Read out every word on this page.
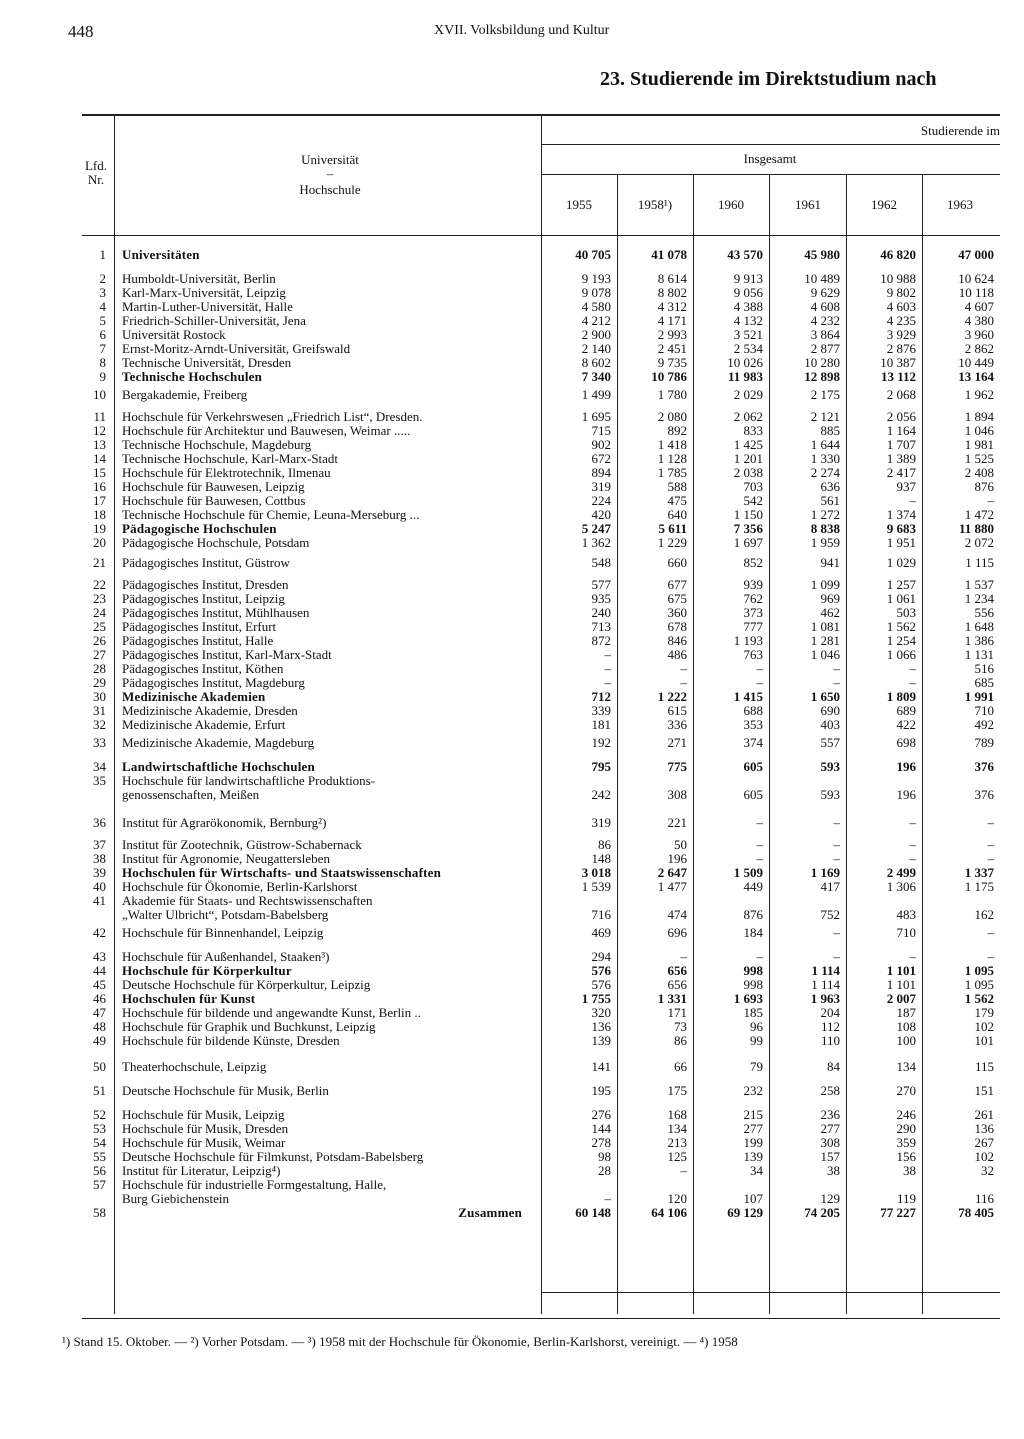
448	XVII. Volksbildung und Kultur
23. Studierende im Direktstudium nach
Lfd.
Nr.
Universität
–
Hochschule
Studierende im
Insgesamt
1955	1958¹)	1960	1961	1962	1963
1 Universitäten	40 705	41 078	43 570	45 980	46 820	47 000
2 Humboldt-Universität, Berlin	9 193	8 614	9 913	10 489	10 988	10 624
3 Karl-Marx-Universität, Leipzig	9 078	8 802	9 056	9 629	9 802	10 118
4 Martin-Luther-Universität, Halle	4 580	4 312	4 388	4 608	4 603	4 607
5 Friedrich-Schiller-Universität, Jena	4 212	4 171	4 132	4 232	4 235	4 380
6 Universität Rostock	2 900	2 993	3 521	3 864	3 929	3 960
7 Ernst-Moritz-Arndt-Universität, Greifswald	2 140	2 451	2 534	2 877	2 876	2 862
8 Technische Universität, Dresden	8 602	9 735	10 026	10 280	10 387	10 449
9 Technische Hochschulen	7 340	10 786	11 983	12 898	13 112	13 164
10 Bergakademie, Freiberg	1 499	1 780	2 029	2 175	2 068	1 962
11 Hochschule für Verkehrswesen „Friedrich List“, Dresden.	1 695	2 080	2 062	2 121	2 056	1 894
12 Hochschule für Architektur und Bauwesen, Weimar .....	715	892	833	885	1 164	1 046
13 Technische Hochschule, Magdeburg	902	1 418	1 425	1 644	1 707	1 981
14 Technische Hochschule, Karl-Marx-Stadt	672	1 128	1 201	1 330	1 389	1 525
15 Hochschule für Elektrotechnik, Ilmenau	894	1 785	2 038	2 274	2 417	2 408
16 Hochschule für Bauwesen, Leipzig	319	588	703	636	937	876
17 Hochschule für Bauwesen, Cottbus	224	475	542	561	–	–
18 Technische Hochschule für Chemie, Leuna-Merseburg ...	420	640	1 150	1 272	1 374	1 472
19 Pädagogische Hochschulen	5 247	5 611	7 356	8 838	9 683	11 880
20 Pädagogische Hochschule, Potsdam	1 362	1 229	1 697	1 959	1 951	2 072
21 Pädagogisches Institut, Güstrow	548	660	852	941	1 029	1 115
22 Pädagogisches Institut, Dresden	577	677	939	1 099	1 257	1 537
23 Pädagogisches Institut, Leipzig	935	675	762	969	1 061	1 234
24 Pädagogisches Institut, Mühlhausen	240	360	373	462	503	556
25 Pädagogisches Institut, Erfurt	713	678	777	1 081	1 562	1 648
26 Pädagogisches Institut, Halle	872	846	1 193	1 281	1 254	1 386
27 Pädagogisches Institut, Karl-Marx-Stadt	–	486	763	1 046	1 066	1 131
28 Pädagogisches Institut, Köthen	–	–	–	–	–	516
29 Pädagogisches Institut, Magdeburg	–	–	–	–	–	685
30 Medizinische Akademien	712	1 222	1 415	1 650	1 809	1 991
31 Medizinische Akademie, Dresden	339	615	688	690	689	710
32 Medizinische Akademie, Erfurt	181	336	353	403	422	492
33 Medizinische Akademie, Magdeburg	192	271	374	557	698	789
34 Landwirtschaftliche Hochschulen	795	775	605	593	196	376
35 Hochschule für landwirtschaftliche Produktions-
genossenschaften, Meißen	242	308	605	593	196	376
36 Institut für Agrarökonomik, Bernburg²)	319	221	–	–	–	–
37 Institut für Zootechnik, Güstrow-Schabernack	86	50	–	–	–	–
38 Institut für Agronomie, Neugattersleben	148	196	–	–	–	–
39 Hochschulen für Wirtschafts- und Staatswissenschaften	3 018	2 647	1 509	1 169	2 499	1 337
40 Hochschule für Ökonomie, Berlin-Karlshorst	1 539	1 477	449	417	1 306	1 175
41 Akademie für Staats- und Rechtswissenschaften
„Walter Ulbricht“, Potsdam-Babelsberg	716	474	876	752	483	162
42 Hochschule für Binnenhandel, Leipzig	469	696	184	–	710	–
43 Hochschule für Außenhandel, Staaken³)	294	–	–	–	–	–
44 Hochschule für Körperkultur	576	656	998	1 114	1 101	1 095
45 Deutsche Hochschule für Körperkultur, Leipzig	576	656	998	1 114	1 101	1 095
46 Hochschulen für Kunst	1 755	1 331	1 693	1 963	2 007	1 562
47 Hochschule für bildende und angewandte Kunst, Berlin ..	320	171	185	204	187	179
48 Hochschule für Graphik und Buchkunst, Leipzig	136	73	96	112	108	102
49 Hochschule für bildende Künste, Dresden	139	86	99	110	100	101
50 Theaterhochschule, Leipzig	141	66	79	84	134	115
51 Deutsche Hochschule für Musik, Berlin	195	175	232	258	270	151
52 Hochschule für Musik, Leipzig	276	168	215	236	246	261
53 Hochschule für Musik, Dresden	144	134	277	277	290	136
54 Hochschule für Musik, Weimar	278	213	199	308	359	267
55 Deutsche Hochschule für Filmkunst, Potsdam-Babelsberg	98	125	139	157	156	102
56 Institut für Literatur, Leipzig⁴)	28	–	34	38	38	32
57 Hochschule für industrielle Formgestaltung, Halle,
Burg Giebichenstein	–	120	107	129	119	116
58	Zusammen	60 148	64 106	69 129	74 205	77 227	78 405
¹) Stand 15. Oktober. — ²) Vorher Potsdam. — ³) 1958 mit der Hochschule für Ökonomie, Berlin-Karlshorst, vereinigt. — ⁴) 1958
